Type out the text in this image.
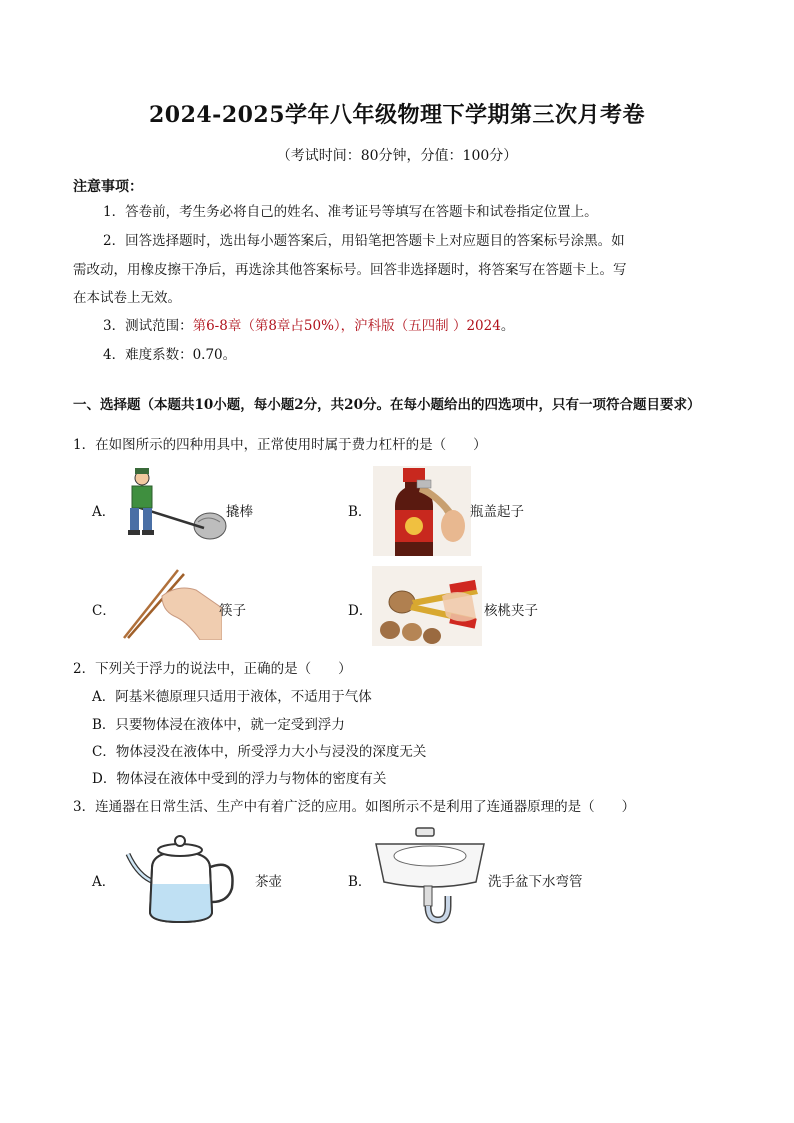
2024-2025学年八年级物理下学期第三次月考卷
（考试时间：80分钟，分值：100分）
注意事项：
1．答卷前，考生务必将自己的姓名、准考证号等填写在答题卡和试卷指定位置上。
2．回答选择题时，选出每小题答案后，用铅笔把答题卡上对应题目的答案标号涂黑。如
需改动，用橡皮擦干净后，再选涂其他答案标号。回答非选择题时，将答案写在答题卡上。写
在本试卷上无效。
3．测试范围：第6-8章（第8章占50%），沪科版（五四制 ）2024。
4．难度系数：0.70。
一、选择题（本题共10小题，每小题2分，共20分。在每小题给出的四选项中，只有一项符合题目要求）
1．在如图所示的四种用具中，正常使用时属于费力杠杆的是（　　）
A．	撬棒	B．	瓶盖起子
C．	筷子	D．	核桃夹子
2．下列关于浮力的说法中，正确的是（　　）
A．阿基米德原理只适用于液体，不适用于气体
B．只要物体浸在液体中，就一定受到浮力
C．物体浸没在液体中，所受浮力大小与浸没的深度无关
D．物体浸在液体中受到的浮力与物体的密度有关
3．连通器在日常生活、生产中有着广泛的应用。如图所示不是利用了连通器原理的是（　　）
A．	茶壶	B．	洗手盆下水弯管
